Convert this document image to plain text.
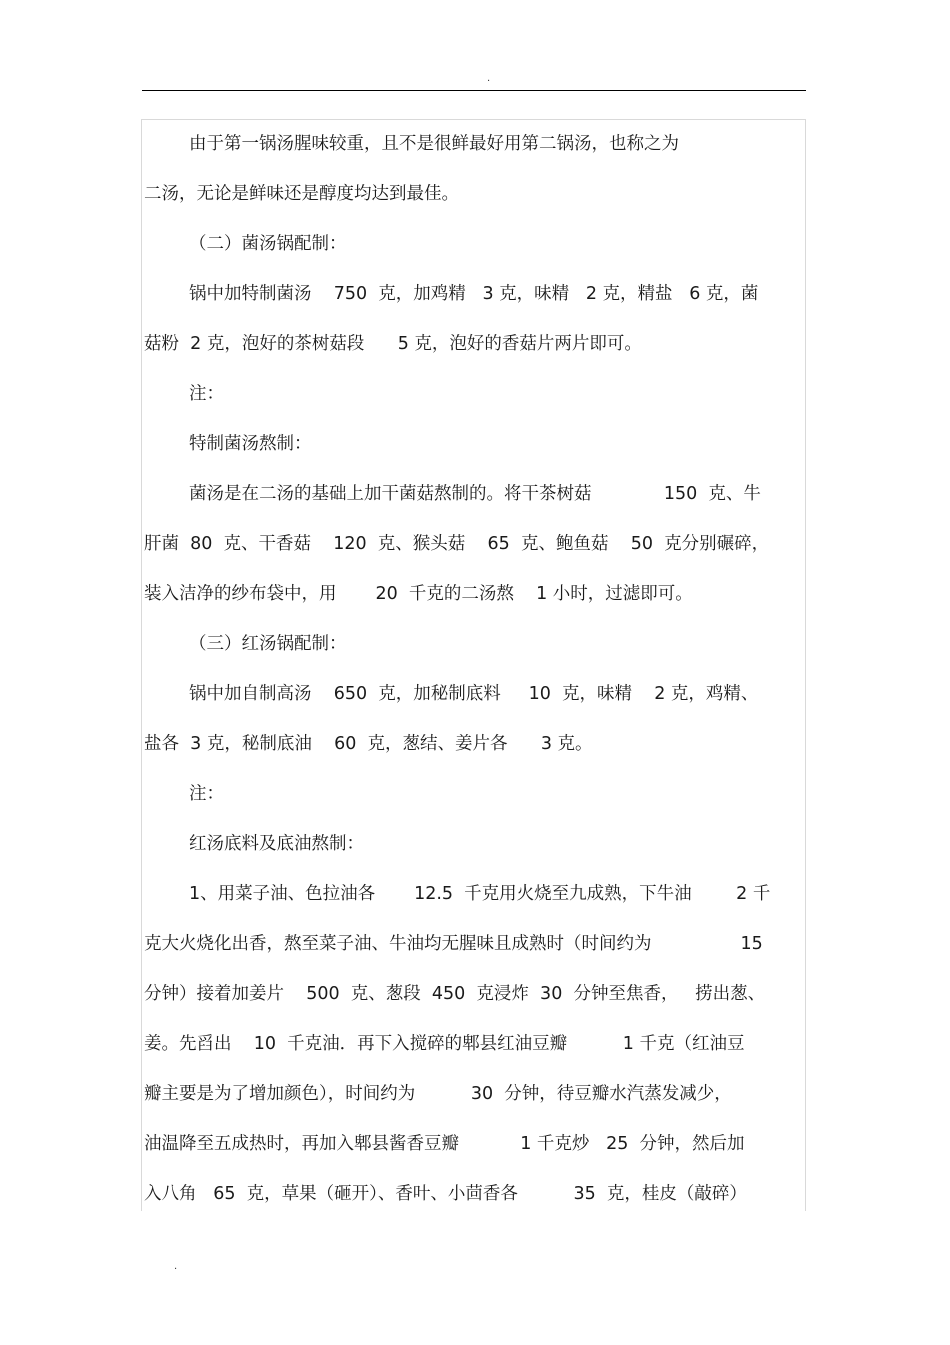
.
由于第一锅汤腥味较重，且不是很鲜最好用第二锅汤，也称之为
二汤，无论是鲜味还是醇度均达到最佳。
（二）菌汤锅配制：
锅中加特制菌汤    750  克，加鸡精   3 克，味精   2 克，精盐   6 克，菌
菇粉  2 克，泡好的茶树菇段      5 克，泡好的香菇片两片即可。
注：
特制菌汤熬制：
菌汤是在二汤的基础上加干菌菇熬制的。将干茶树菇             150  克、牛
肝菌  80  克、干香菇    120  克、猴头菇    65  克、鲍鱼菇    50  克分别碾碎，
装入洁净的纱布袋中，用       20  千克的二汤熬    1 小时，过滤即可。
（三）红汤锅配制：
锅中加自制高汤    650  克，加秘制底料     10  克，味精    2 克，鸡精、
盐各  3 克，秘制底油    60  克，葱结、姜片各      3 克。
注：
红汤底料及底油熬制：
1、用菜子油、色拉油各       12.5  千克用火烧至九成熟，下牛油        2 千
克大火烧化出香，熬至菜子油、牛油均无腥味且成熟时（时间约为                15
分钟）接着加姜片    500  克、葱段  450  克浸炸  30  分钟至焦香，   捞出葱、
姜。先舀出    10  千克油．再下入搅碎的郫县红油豆瓣          1 千克（红油豆
瓣主要是为了增加颜色），时间约为          30  分钟，待豆瓣水汽蒸发减少，
油温降至五成热时，再加入郫县酱香豆瓣           1 千克炒   25  分钟，然后加
入八角   65  克，草果（砸开）、香叶、小茴香各          35  克，桂皮（敲碎）
.
